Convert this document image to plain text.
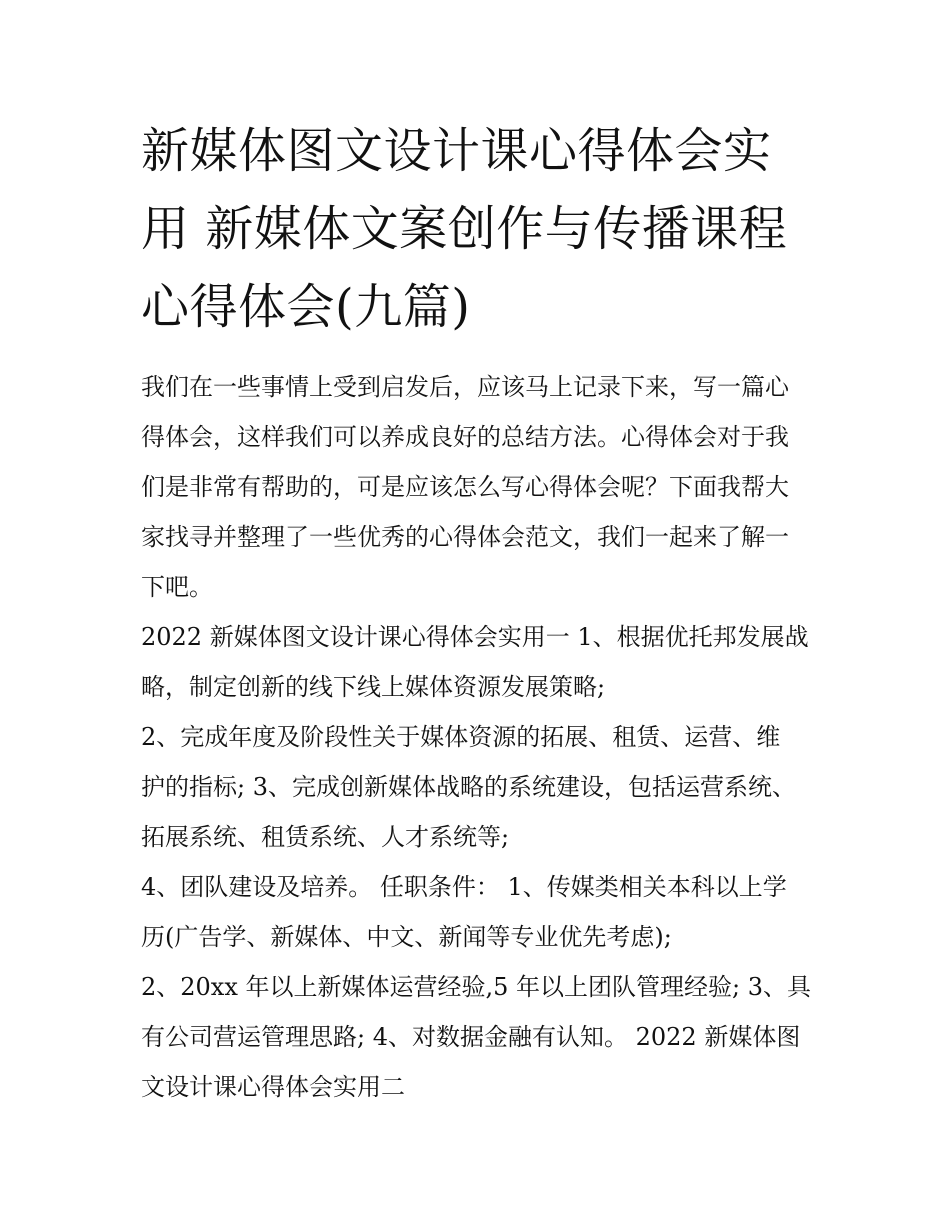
新媒体图文设计课心得体会实
用 新媒体文案创作与传播课程
心得体会(九篇)

我们在一些事情上受到启发后，应该马上记录下来，写一篇心
得体会，这样我们可以养成良好的总结方法。心得体会对于我
们是非常有帮助的，可是应该怎么写心得体会呢？下面我帮大
家找寻并整理了一些优秀的心得体会范文，我们一起来了解一
下吧。

2022 新媒体图文设计课心得体会实用一 1、根据优托邦发展战
略，制定创新的线下线上媒体资源发展策略;

2、完成年度及阶段性关于媒体资源的拓展、租赁、运营、维
护的指标; 3、完成创新媒体战略的系统建设，包括运营系统、
拓展系统、租赁系统、人才系统等;

4、团队建设及培养。 任职条件： 1、传媒类相关本科以上学
历(广告学、新媒体、中文、新闻等专业优先考虑);

2、20xx 年以上新媒体运营经验,5 年以上团队管理经验; 3、具
有公司营运管理思路; 4、对数据金融有认知。 2022 新媒体图
文设计课心得体会实用二
